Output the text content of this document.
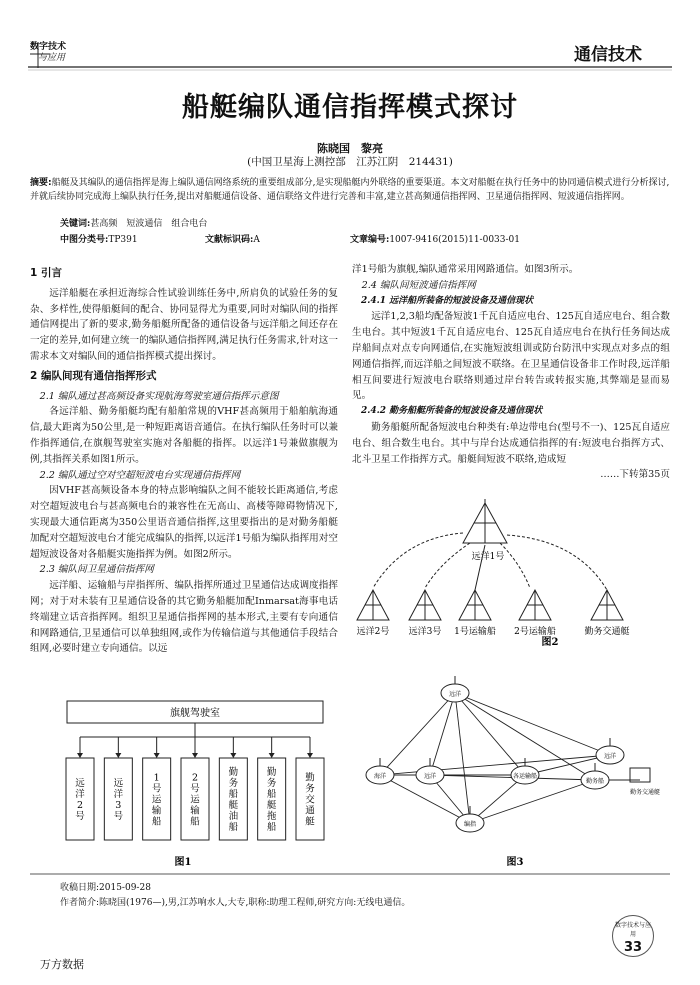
数字技术
与应用	通信技术
船艇编队通信指挥模式探讨
陈晓国　黎亮
(中国卫星海上测控部　江苏江阴　214431)
摘要:船艇及其编队的通信指挥是海上编队通信网络系统的重要组成部分,是实现船艇内外联络的重要渠道。本文对船艇在执行任务中的协同通信模式进行分析探讨,并就后续协同完成海上编队执行任务,提出对船艇通信设备、通信联络文件进行完善和丰富,建立甚高频通信指挥网、卫星通信指挥网、短波通信指挥网。
关键词:甚高频　短波通信　组合电台
中图分类号:TP391	文献标识码:A	文章编号:1007-9416(2015)11-0033-01

1 引言

远洋船艇在承担近海综合性试验训练任务中,所肩负的试验任务的复杂、多样性,使得船艇间的配合、协同显得尤为重要,同时对编队间的指挥通信网提出了新的要求,勤务船艇所配备的通信设备与远洋船之间还存在一定的差异,如何建立统一的编队通信指挥网,满足执行任务需求,针对这一需求本文对编队间的通信指挥模式提出探讨。

2 编队间现有通信指挥形式

2.1 编队通过甚高频设备实现航海驾驶室通信指挥示意图

各远洋船、勤务船艇均配有船舶常规的VHF甚高频用于船舶航海通信,最大距离为50公里,是一种短距离语音通信。在执行编队任务时可以兼作指挥通信,在旗舰驾驶室实施对各船艇的指挥。以远洋1号兼做旗舰为例,其指挥关系如图1所示。

2.2 编队通过空对空超短波电台实现通信指挥网

因VHF甚高频设备本身的特点影响编队之间不能较长距离通信,考虑对空超短波电台与甚高频电台的兼容性在无高山、高楼等障碍物情况下,实现最大通信距离为350公里语音通信指挥,这里要指出的是对勤务船艇加配对空超短波电台才能完成编队的指挥,以远洋1号船为编队指挥用对空超短波设备对各船艇实施指挥为例。如图2所示。

2.3 编队间卫星通信指挥网

远洋船、运输船与岸指挥所、编队指挥所通过卫星通信达成调度指挥网；对于对未装有卫星通信设备的其它勤务船艇加配Inmarsat海事电话终端建立话音指挥网。组织卫星通信指挥网的基本形式,主要有专向通信和网路通信,卫星通信可以单独组网,或作为传输信道与其他通信手段结合组网,必要时建立专向通信。以远

洋1号船为旗舰,编队通常采用网路通信。如图3所示。

2.4 编队间短波通信指挥网

2.4.1 远洋船所装备的短波设备及通信现状

远洋1,2,3船均配备短波1千瓦自适应电台、125瓦自适应电台、组合数生电台。其中短波1千瓦自适应电台、125瓦自适应电台在执行任务间达成岸船间点对点专向网通信,在实施短波组训或防台防汛中实现点对多点的组网通信指挥,而远洋船之间短波不联络。在卫星通信设备非工作时段,远洋船相互间要进行短波电台联络则通过岸台转告或转报实施,其弊端是显而易见。

2.4.2 勤务船艇所装备的短波设备及通信现状

勤务船艇所配备短波电台种类有:单边带电台(型号不一)、125瓦自适应电台、组合数生电台。其中与岸台达成通信指挥的有:短波电台指挥方式、北斗卫星工作指挥方式。船艇间短波不联络,造成短

……下转第35页

远洋1号
远洋2号 远洋3号 1号运输船 2号运输船	勤务交通艇
图2
旗舰驾驶室
远
洋
2
号
远
洋
3
号
1
号
运
输
船
2
号
运
输
船
勤
务
船
艇
油
船
勤
务
船
艇
拖
船
勤
务
交
通
艇
图1
远洋
海洋	远洋	各运输船
勤务船
勤务交通艇
远洋
编指
图3
收稿日期:2015-09-28
作者简介:陈晓国(1976—),男,江苏响水人,大专,职称:助理工程师,研究方向:无线电通信。
数字技术与应用
33
万方数据
